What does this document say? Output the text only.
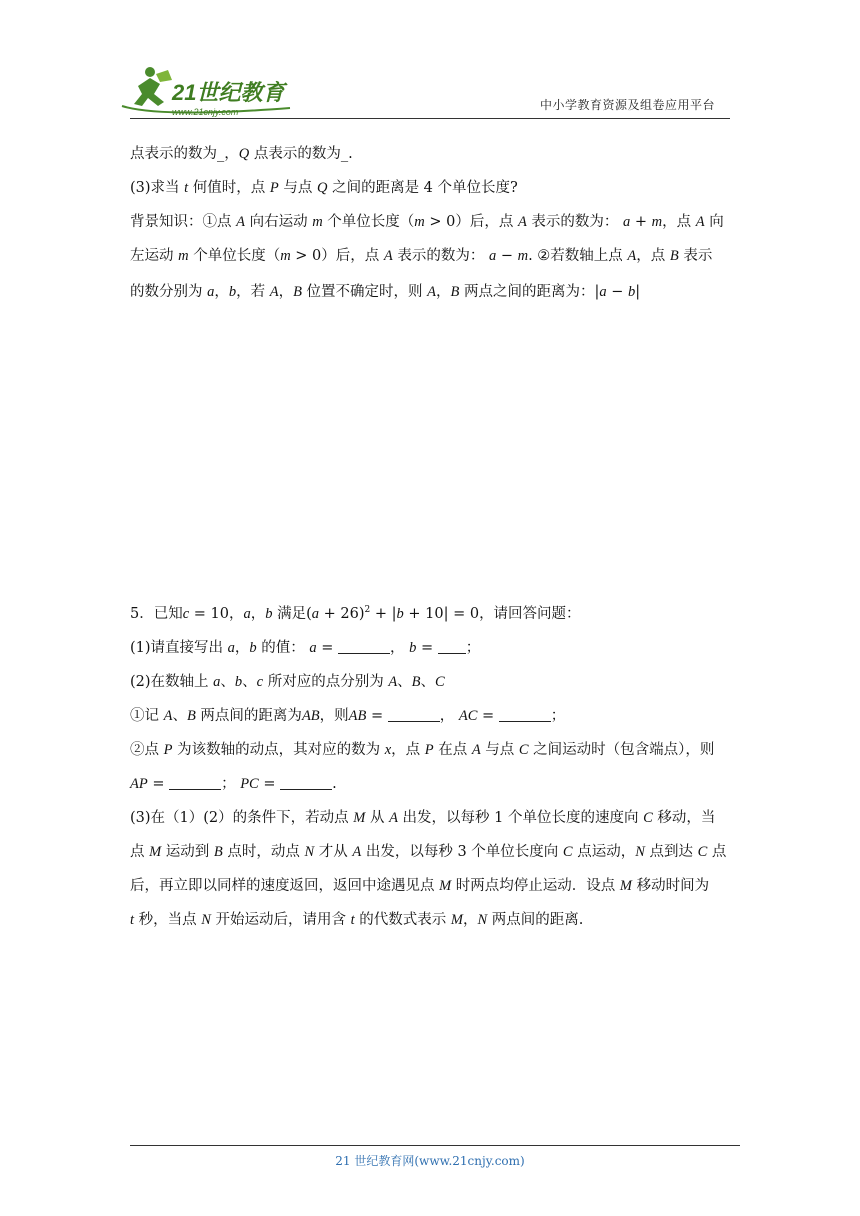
21世纪教育
www.21cnjy.com	中小学教育资源及组卷应用平台
点表示的数为_，Q 点表示的数为_.
(3)求当 t 何值时，点 P 与点 Q 之间的距离是 4 个单位长度?
背景知识：①点 A 向右运动 m 个单位长度（m > 0）后，点 A 表示的数为： a + m，点 A 向
左运动 m 个单位长度（m > 0）后，点 A 表示的数为： a − m. ②若数轴上点 A，点 B 表示
的数分别为 a，b，若 A，B 位置不确定时，则 A，B 两点之间的距离为：|a − b|
5．已知c = 10，a，b 满足$(a + 26)^2 + |b + 10| = 0$，请回答问题：
(1)请直接写出 a，b 的值： a =	， b = ；
(2)在数轴上 a、b、c 所对应的点分别为 A、B、C
①记 A、B 两点间的距离为AB，则AB =	， AC =	；
②点 P 为该数轴的动点，其对应的数为 x，点 P 在点 A 与点 C 之间运动时（包含端点），则
AP =	； PC =	.
(3)在（1）(2）的条件下，若动点 M 从 A 出发，以每秒 1 个单位长度的速度向 C 移动，当
点 M 运动到 B 点时，动点 N 才从 A 出发，以每秒 3 个单位长度向 C 点运动，N 点到达 C 点
后，再立即以同样的速度返回，返回中途遇见点 M 时两点均停止运动．设点 M 移动时间为
t 秒，当点 N 开始运动后，请用含 t 的代数式表示 M，N 两点间的距离.
21 世纪教育网(www.21cnjy.com)
